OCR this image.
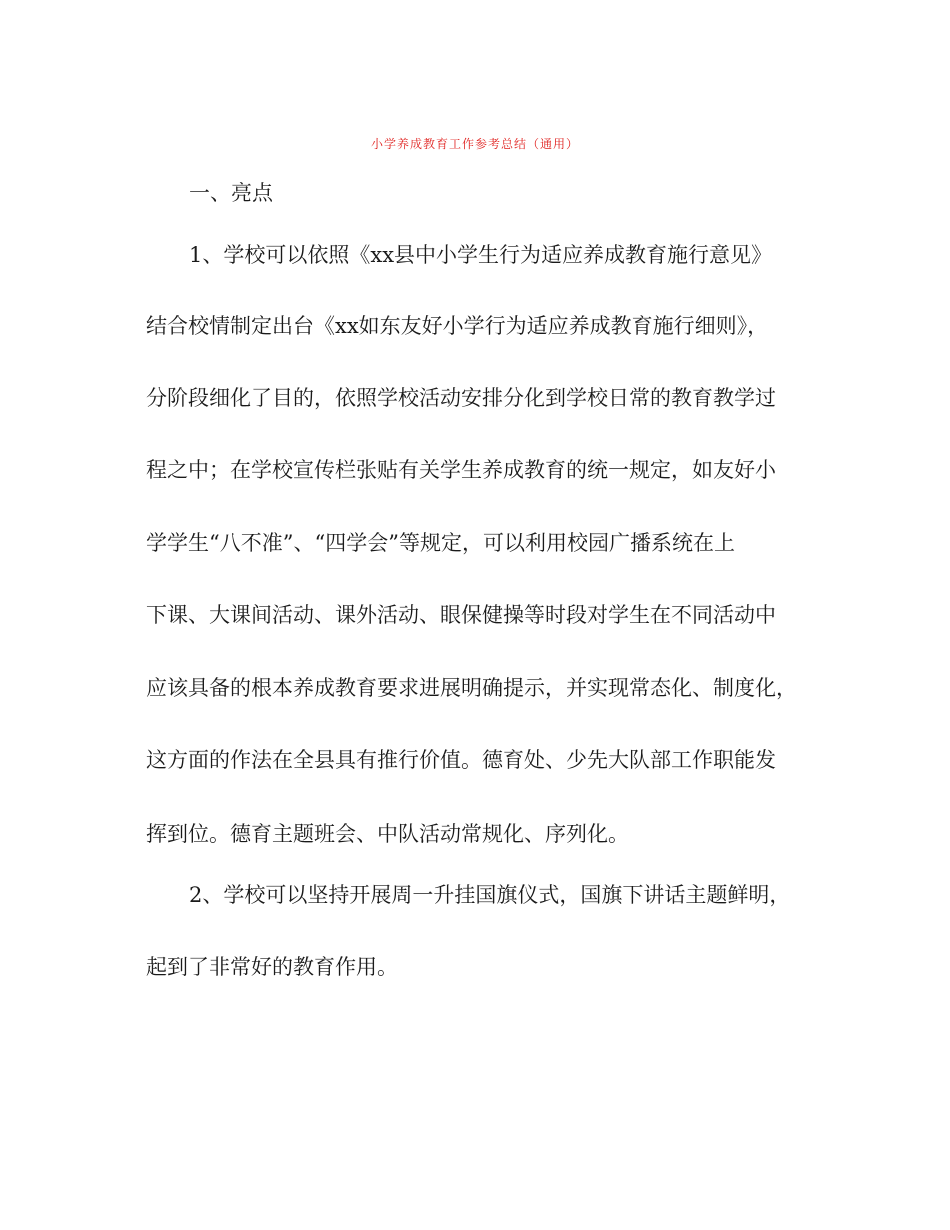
小学养成教育工作参考总结（通用）
一、亮点
1、学校可以依照《xx县中小学生行为适应养成教育施行意见》
结合校情制定出台《xx如东友好小学行为适应养成教育施行细则》，
分阶段细化了目的，依照学校活动安排分化到学校日常的教育教学过
程之中；在学校宣传栏张贴有关学生养成教育的统一规定，如友好小
学学生“八不准”、“四学会”等规定，可以利用校园广播系统在上
下课、大课间活动、课外活动、眼保健操等时段对学生在不同活动中
应该具备的根本养成教育要求进展明确提示，并实现常态化、制度化，
这方面的作法在全县具有推行价值。德育处、少先大队部工作职能发
挥到位。德育主题班会、中队活动常规化、序列化。
2、学校可以坚持开展周一升挂国旗仪式，国旗下讲话主题鲜明，
起到了非常好的教育作用。
